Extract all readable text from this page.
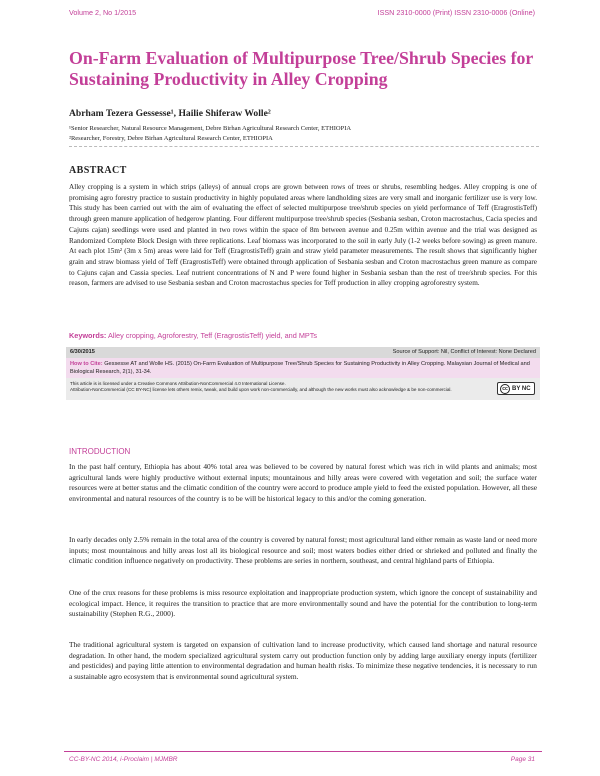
Volume 2, No 1/2015	ISSN 2310-0000 (Print) ISSN 2310-0006 (Online)
On-Farm Evaluation of Multipurpose Tree/Shrub Species for Sustaining Productivity in Alley Cropping
Abrham Tezera Gessesse¹, Hailie Shiferaw Wolle²
¹Senior Researcher, Natural Resource Management, Debre Birhan Agricultural Research Center, ETHIOPIA
²Researcher, Forestry, Debre Birhan Agricultural Research Center, ETHIOPIA
ABSTRACT
Alley cropping is a system in which strips (alleys) of annual crops are grown between rows of trees or shrubs, resembling hedges. Alley cropping is one of promising agro forestry practice to sustain productivity in highly populated areas where landholding sizes are very small and inorganic fertilizer use is very low. This study has been carried out with the aim of evaluating the effect of selected multipurpose tree/shrub species on yield performance of Teff (EragrostisTeff) through green manure application of hedgerow planting. Four different multipurpose tree/shrub species (Sesbania sesban, Croton macrostachus, Cacia species and Cajuns cajan) seedlings were used and planted in two rows within the space of 8m between avenue and 0.25m within avenue and the trial was designed as Randomized Complete Block Design with three replications. Leaf biomass was incorporated to the soil in early July (1-2 weeks before sowing) as green manure. At each plot 15m² (3m x 5m) areas were laid for Teff (EragrostisTeff) grain and straw yield parameter measurements. The result shows that significantly higher grain and straw biomass yield of Teff (EragrostisTeff) were obtained through application of Sesbania sesban and Croton macrostachus green manure as compare to Cajuns cajan and Cassia species. Leaf nutrient concentrations of N and P were found higher in Sesbania sesban than the rest of tree/shrub species. For this reason, farmers are advised to use Sesbania sesban and Croton macrostachus species for Teff production in alley cropping agroforestry system.
Keywords: Alley cropping, Agroforestry, Teff (EragrostisTeff) yield, and MPTs
6/30/2015	Source of Support: Nil, Conflict of Interest: None Declared
How to Cite: Gessesse AT and Wolle HS. (2015) On-Farm Evaluation of Multipurpose Tree/Shrub Species for Sustaining Productivity in Alley Cropping. Malaysian Journal of Medical and Biological Research, 2(1), 31-34.
This article is is licensed under a Creative Commons Attribution-NonCommercial 4.0 International License.
Attribution-NonCommercial (CC BY-NC) license lets others remix, tweak, and build upon work non-commercially, and although the new works must also acknowledge & be non-commercial.	cc BY NC
INTRODUCTION
In the past half century, Ethiopia has about 40% total area was believed to be covered by natural forest which was rich in wild plants and animals; most agricultural lands were highly productive without external inputs; mountainous and hilly areas were covered with vegetation and soil; the surface water resources were at better status and the climatic condition of the country were accord to produce ample yield to feed the existed population. However, all these environmental and natural resources of the country is to be will be historical legacy to this and/or the coming generation.
In early decades only 2.5% remain in the total area of the country is covered by natural forest; most agricultural land either remain as waste land or need more inputs; most mountainous and hilly areas lost all its biological resource and soil; most waters bodies either dried or shrieked and polluted and finally the climatic condition influence negatively on productivity. These problems are series in northern, southeast, and central highland parts of Ethiopia.
One of the crux reasons for these problems is miss resource exploitation and inappropriate production system, which ignore the concept of sustainability and ecological impact. Hence, it requires the transition to practice that are more environmentally sound and have the potential for the contribution to long-term sustainability (Stephen R.G., 2000).
The traditional agricultural system is targeted on expansion of cultivation land to increase productivity, which caused land shortage and natural resource degradation. In other hand, the modern specialized agricultural system carry out production function only by adding large auxiliary energy inputs (fertilizer and pesticides) and paying little attention to environmental degradation and human health risks. To minimize these negative tendencies, it is necessary to run a sustainable agro ecosystem that is environmental sound agricultural system.
CC-BY-NC 2014, i-Proclaim | MJMBR	Page 31
